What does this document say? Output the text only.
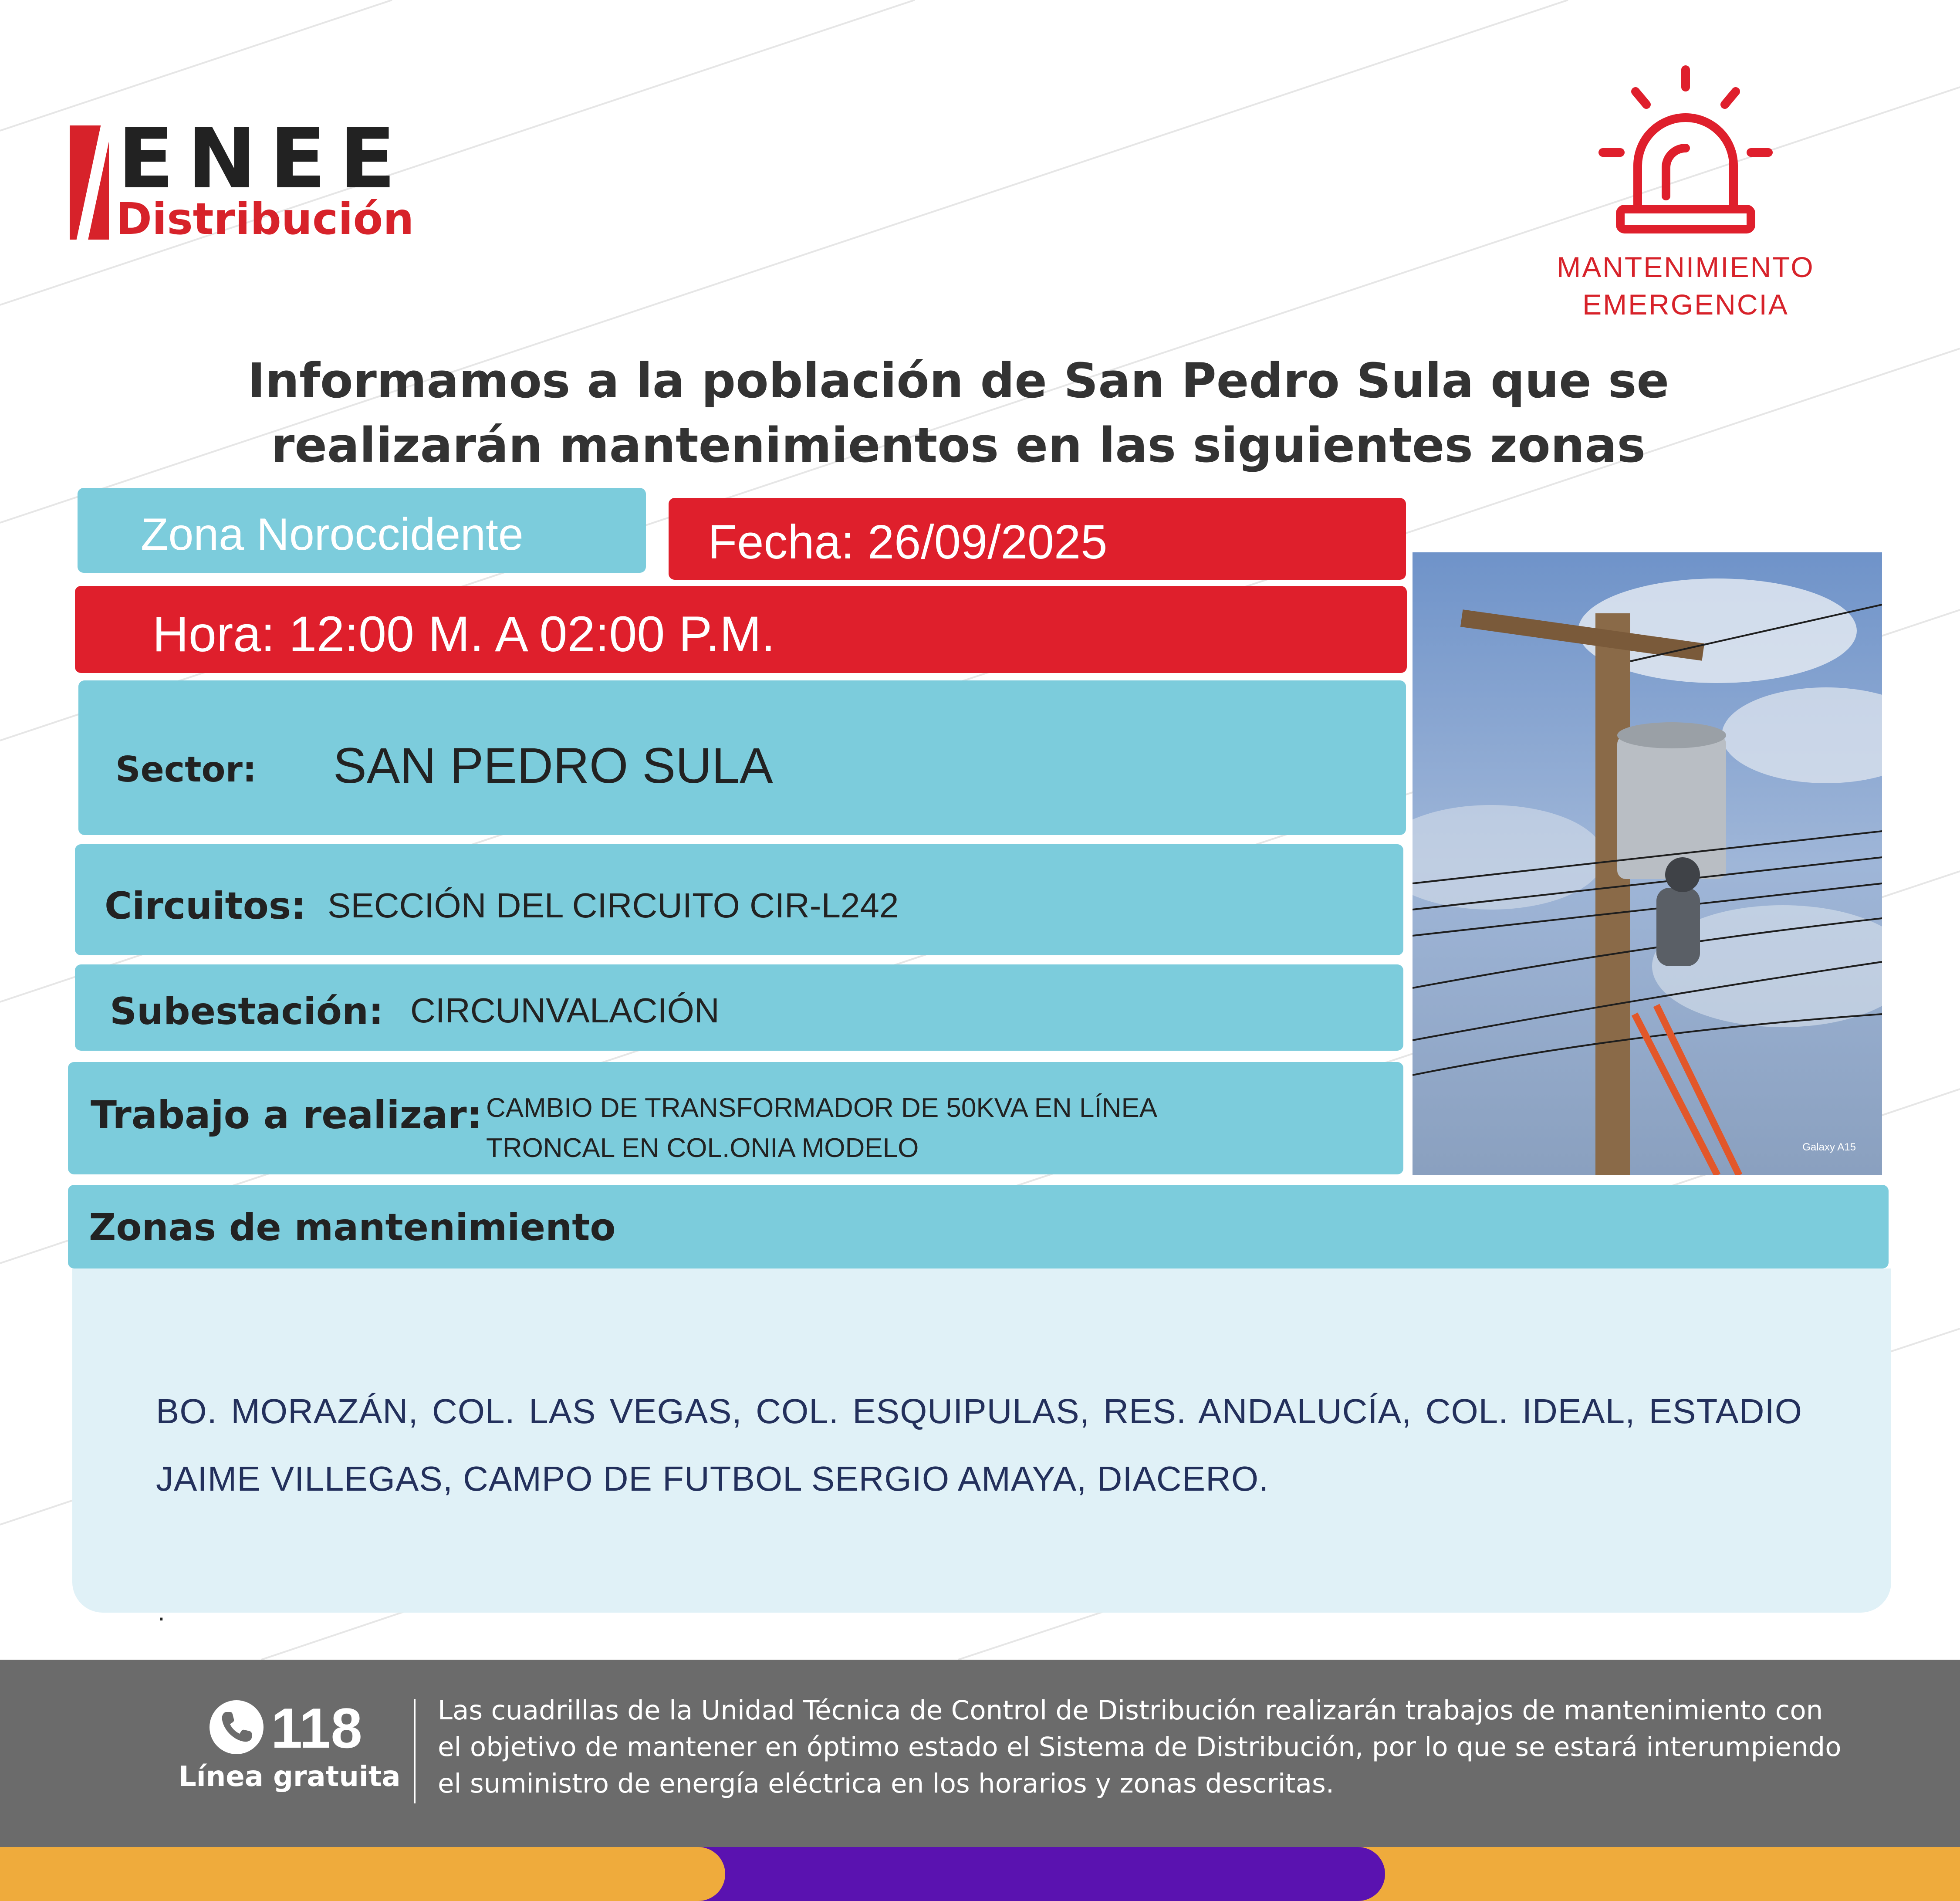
ENEE
Distribución
MANTENIMIENTO
EMERGENCIA
Informamos a la población de San Pedro Sula que se
realizarán mantenimientos en las siguientes zonas
Zona Noroccidente	Fecha: 26/09/2025
Hora: 12:00 M. A 02:00 P.M.
Sector: SAN PEDRO SULA
Circuitos: SECCIÓN DEL CIRCUITO CIR-L242
Subestación: CIRCUNVALACIÓN
Trabajo a realizar: CAMBIO DE TRANSFORMADOR DE 50KVA EN LÍNEA
TRONCAL EN COL.ONIA MODELO	Galaxy A15
Zonas de mantenimiento
BO. MORAZÁN, COL. LAS VEGAS, COL. ESQUIPULAS, RES. ANDALUCÍA, COL. IDEAL, ESTADIO JAIME VILLEGAS, CAMPO DE FUTBOL SERGIO AMAYA, DIACERO.
.
118
Línea gratuita
Las cuadrillas de la Unidad Técnica de Control de Distribución realizarán trabajos de mantenimiento con
el objetivo de mantener en óptimo estado el Sistema de Distribución, por lo que se estará interumpiendo
el suministro de energía eléctrica en los horarios y zonas descritas.
